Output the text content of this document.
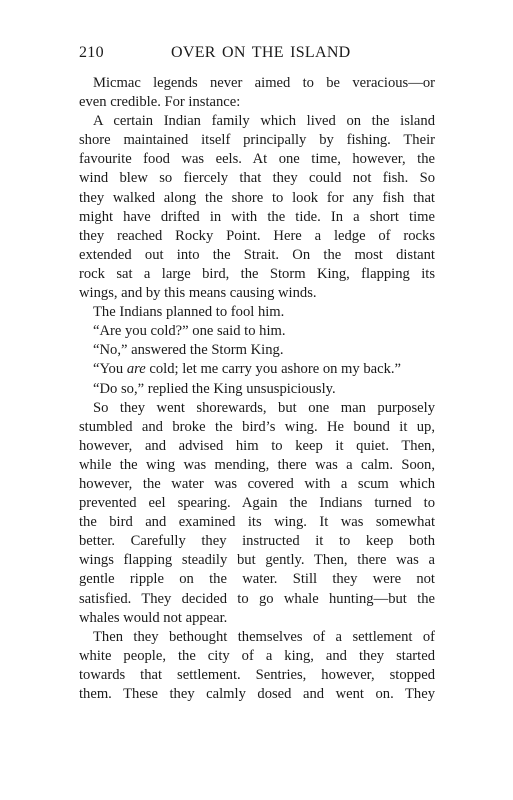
210	OVER ON THE ISLAND
Micmac legends never aimed to be veracious—or
even credible. For instance:
A certain Indian family which lived on the island
shore maintained itself principally by fishing. Their
favourite food was eels. At one time, however, the
wind blew so fiercely that they could not fish. So
they walked along the shore to look for any fish that
might have drifted in with the tide. In a short time
they reached Rocky Point. Here a ledge of rocks
extended out into the Strait. On the most distant
rock sat a large bird, the Storm King, flapping its
wings, and by this means causing winds.
The Indians planned to fool him.
“Are you cold?” one said to him.
“No,” answered the Storm King.
“You are cold; let me carry you ashore on my back.”
“Do so,” replied the King unsuspiciously.
So they went shorewards, but one man purposely
stumbled and broke the bird’s wing. He bound it up,
however, and advised him to keep it quiet. Then,
while the wing was mending, there was a calm. Soon,
however, the water was covered with a scum which
prevented eel spearing. Again the Indians turned to
the bird and examined its wing. It was somewhat
better. Carefully they instructed it to keep both
wings flapping steadily but gently. Then, there was a
gentle ripple on the water. Still they were not
satisfied. They decided to go whale hunting—but the
whales would not appear.
Then they bethought themselves of a settlement of
white people, the city of a king, and they started
towards that settlement. Sentries, however, stopped
them. These they calmly dosed and went on. They
